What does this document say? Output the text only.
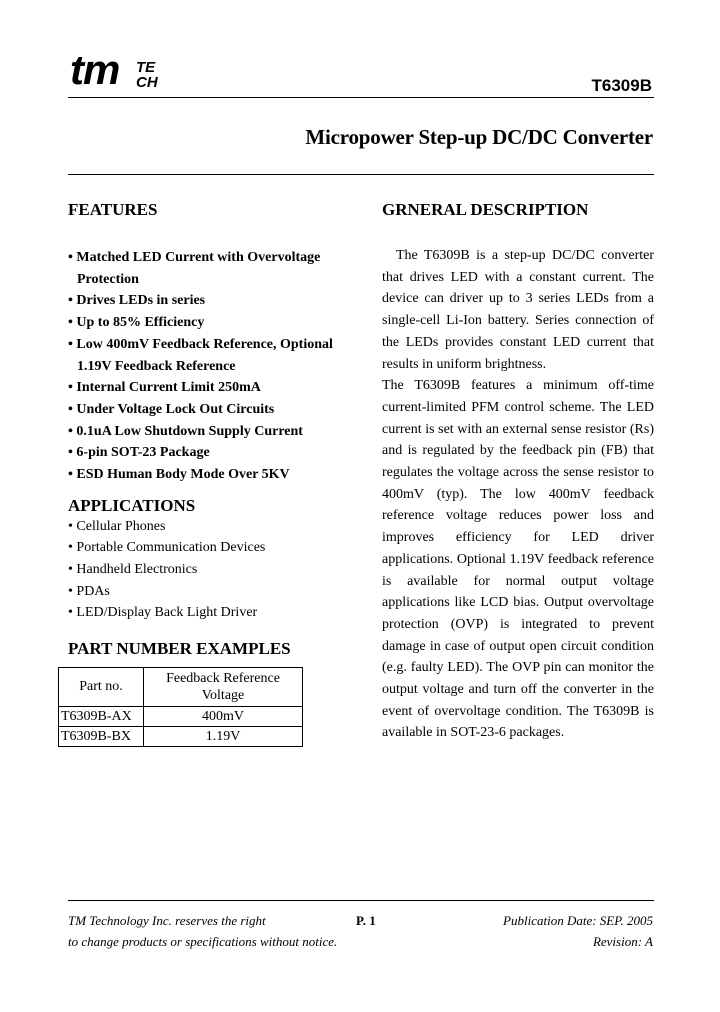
tm TE
CH	T6309B
Micropower Step-up DC/DC Converter
FEATURES
• Matched LED Current with Overvoltage Protection
• Drives LEDs in series
• Up to 85% Efficiency
• Low 400mV Feedback Reference, Optional 1.19V Feedback Reference
• Internal Current Limit 250mA
• Under Voltage Lock Out Circuits
• 0.1uA Low Shutdown Supply Current
• 6-pin SOT-23 Package
• ESD Human Body Mode Over 5KV
APPLICATIONS
• Cellular Phones
• Portable Communication Devices
• Handheld Electronics
• PDAs
• LED/Display Back Light Driver
PART NUMBER EXAMPLES
Part no.	Feedback Reference Voltage
T6309B-AX	400mV
T6309B-BX	1.19V
GRNERAL DESCRIPTION

The T6309B is a step-up DC/DC converter that drives LED with a constant current. The device can driver up to 3 series LEDs from a single-cell Li-Ion battery. Series connection of the LEDs provides constant LED current that results in uniform brightness.

The T6309B features a minimum off-time current-limited PFM control scheme. The LED current is set with an external sense resistor (Rs) and is regulated by the feedback pin (FB) that regulates the voltage across the sense resistor to 400mV (typ). The low 400mV feedback reference voltage reduces power loss and improves efficiency for LED driver applications. Optional 1.19V feedback reference is available for normal output voltage applications like LCD bias. Output overvoltage protection (OVP) is integrated to prevent damage in case of output open circuit condition (e.g. faulty LED). The OVP pin can monitor the output voltage and turn off the converter in the event of overvoltage condition. The T6309B is available in SOT-23-6 packages.

TM Technology Inc. reserves the right
to change products or specifications without notice.
P. 1	Publication Date: SEP. 2005
Revision: A
